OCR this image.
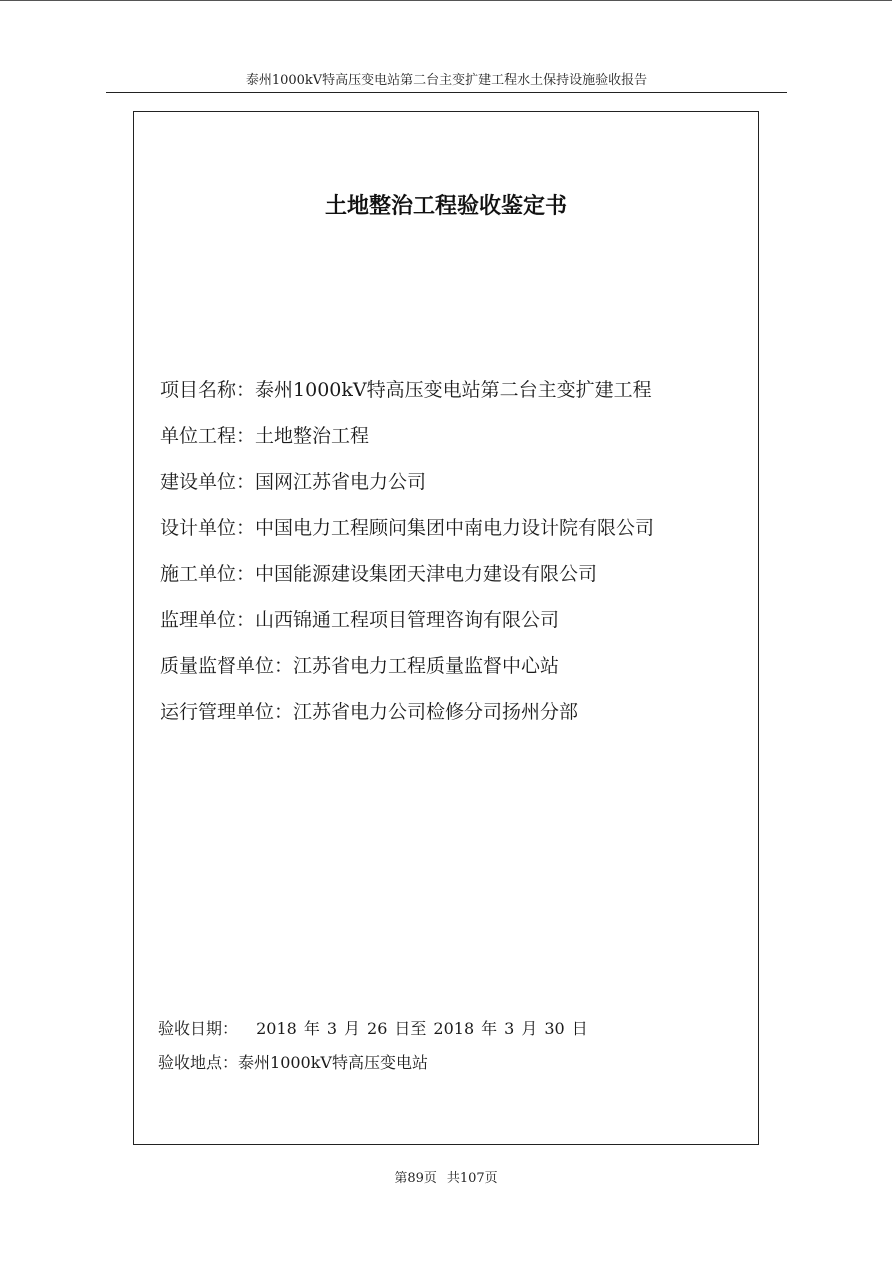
泰州1000kV特高压变电站第二台主变扩建工程水土保持设施验收报告
土地整治工程验收鉴定书
项目名称：泰州1000kV特高压变电站第二台主变扩建工程
单位工程：土地整治工程
建设单位：国网江苏省电力公司
设计单位：中国电力工程顾问集团中南电力设计院有限公司
施工单位：中国能源建设集团天津电力建设有限公司
监理单位：山西锦通工程项目管理咨询有限公司
质量监督单位：江苏省电力工程质量监督中心站
运行管理单位：江苏省电力公司检修分司扬州分部
验收日期： 2018 年 3 月 26 日至 2018 年 3 月 30 日
验收地点：泰州1000kV特高压变电站
第89页 共107页
